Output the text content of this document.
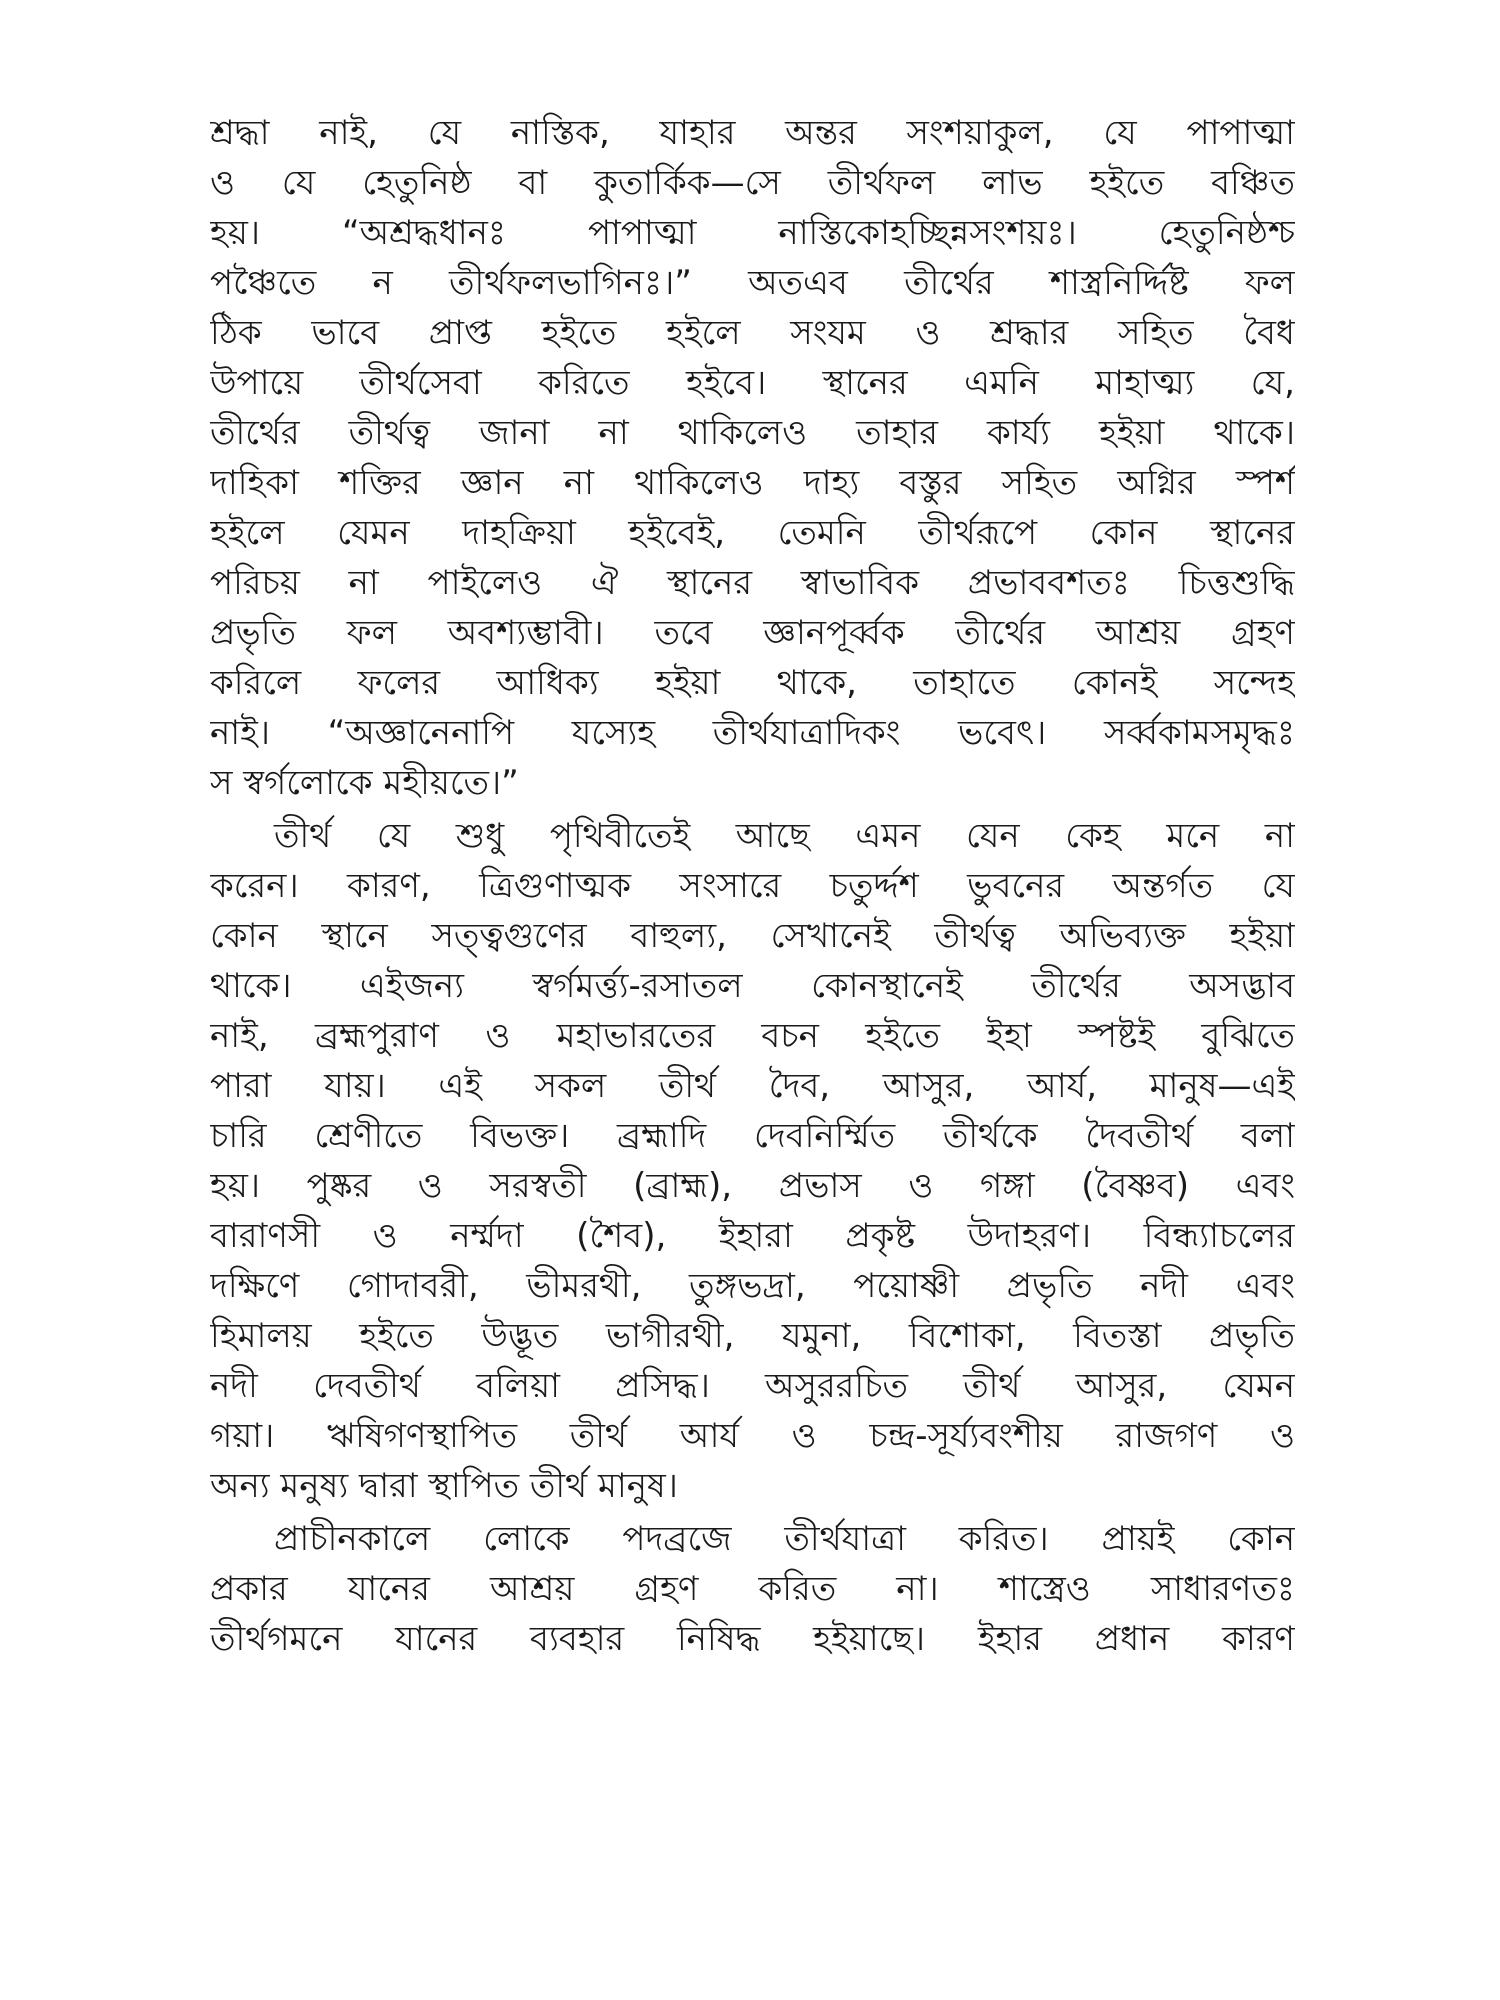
শ্রদ্ধা নাই, যে নাস্তিক, যাহার অন্তর সংশয়াকুল, যে পাপাত্মা
ও যে হেতুনিষ্ঠ বা কুতার্কিক—সে তীর্থফল লাভ হইতে বঞ্চিত
হয়। “অশ্রদ্ধধানঃ পাপাত্মা নাস্তিকোহচ্ছিন্নসংশয়ঃ। হেতুনিষ্ঠশ্চ
পঞ্চৈতে ন তীর্থফলভাগিনঃ।” অতএব তীর্থের শাস্ত্রনির্দ্দিষ্ট ফল
ঠিক ভাবে প্রাপ্ত হইতে হইলে সংযম ও শ্রদ্ধার সহিত বৈধ
উপায়ে তীর্থসেবা করিতে হইবে। স্থানের এমনি মাহাত্ম্য যে,
তীর্থের তীর্থত্ব জানা না থাকিলেও তাহার কার্য্য হইয়া থাকে।
দাহিকা শক্তির জ্ঞান না থাকিলেও দাহ্য বস্তুর সহিত অগ্নির স্পর্শ
হইলে যেমন দাহক্রিয়া হইবেই, তেমনি তীর্থরূপে কোন স্থানের
পরিচয় না পাইলেও ঐ স্থানের স্বাভাবিক প্রভাববশতঃ চিত্তশুদ্ধি
প্রভৃতি ফল অবশ্যম্ভাবী। তবে জ্ঞানপূর্ব্বক তীর্থের আশ্রয় গ্রহণ
করিলে ফলের আধিক্য হইয়া থাকে, তাহাতে কোনই সন্দেহ
নাই। “অজ্ঞানেনাপি যস্যেহ তীর্থযাত্রাদিকং ভবেৎ। সর্ব্বকামসমৃদ্ধঃ
স স্বর্গলোকে মহীয়তে।”
তীর্থ যে শুধু পৃথিবীতেই আছে এমন যেন কেহ মনে না
করেন। কারণ, ত্রিগুণাত্মক সংসারে চতুর্দ্দশ ভুবনের অন্তর্গত যে
কোন স্থানে সত্ত্বগুণের বাহুল্য, সেখানেই তীর্থত্ব অভিব্যক্ত হইয়া
থাকে। এইজন্য স্বর্গমর্ত্ত্য-রসাতল কোনস্থানেই তীর্থের অসদ্ভাব
নাই, ব্রহ্মপুরাণ ও মহাভারতের বচন হইতে ইহা স্পষ্টই বুঝিতে
পারা যায়। এই সকল তীর্থ দৈব, আসুর, আর্য, মানুষ—এই
চারি শ্রেণীতে বিভক্ত। ব্রহ্মাদি দেবনির্ম্মিত তীর্থকে দৈবতীর্থ বলা
হয়। পুষ্কর ও সরস্বতী (ব্রাহ্ম), প্রভাস ও গঙ্গা (বৈষ্ণব) এবং
বারাণসী ও নর্ম্মদা (শৈব), ইহারা প্রকৃষ্ট উদাহরণ। বিন্ধ্যাচলের
দক্ষিণে গোদাবরী, ভীমরথী, তুঙ্গভদ্রা, পয়োষ্ণী প্রভৃতি নদী এবং
হিমালয় হইতে উদ্ভূত ভাগীরথী, যমুনা, বিশোকা, বিতস্তা প্রভৃতি
নদী দেবতীর্থ বলিয়া প্রসিদ্ধ। অসুররচিত তীর্থ আসুর, যেমন
গয়া। ঋষিগণস্থাপিত তীর্থ আর্য ও চন্দ্র-সূর্য্যবংশীয় রাজগণ ও
অন্য মনুষ্য দ্বারা স্থাপিত তীর্থ মানুষ।
প্রাচীনকালে লোকে পদব্রজে তীর্থযাত্রা করিত। প্রায়ই কোন
প্রকার যানের আশ্রয় গ্রহণ করিত না। শাস্ত্রেও সাধারণতঃ
তীর্থগমনে যানের ব্যবহার নিষিদ্ধ হইয়াছে। ইহার প্রধান কারণ
